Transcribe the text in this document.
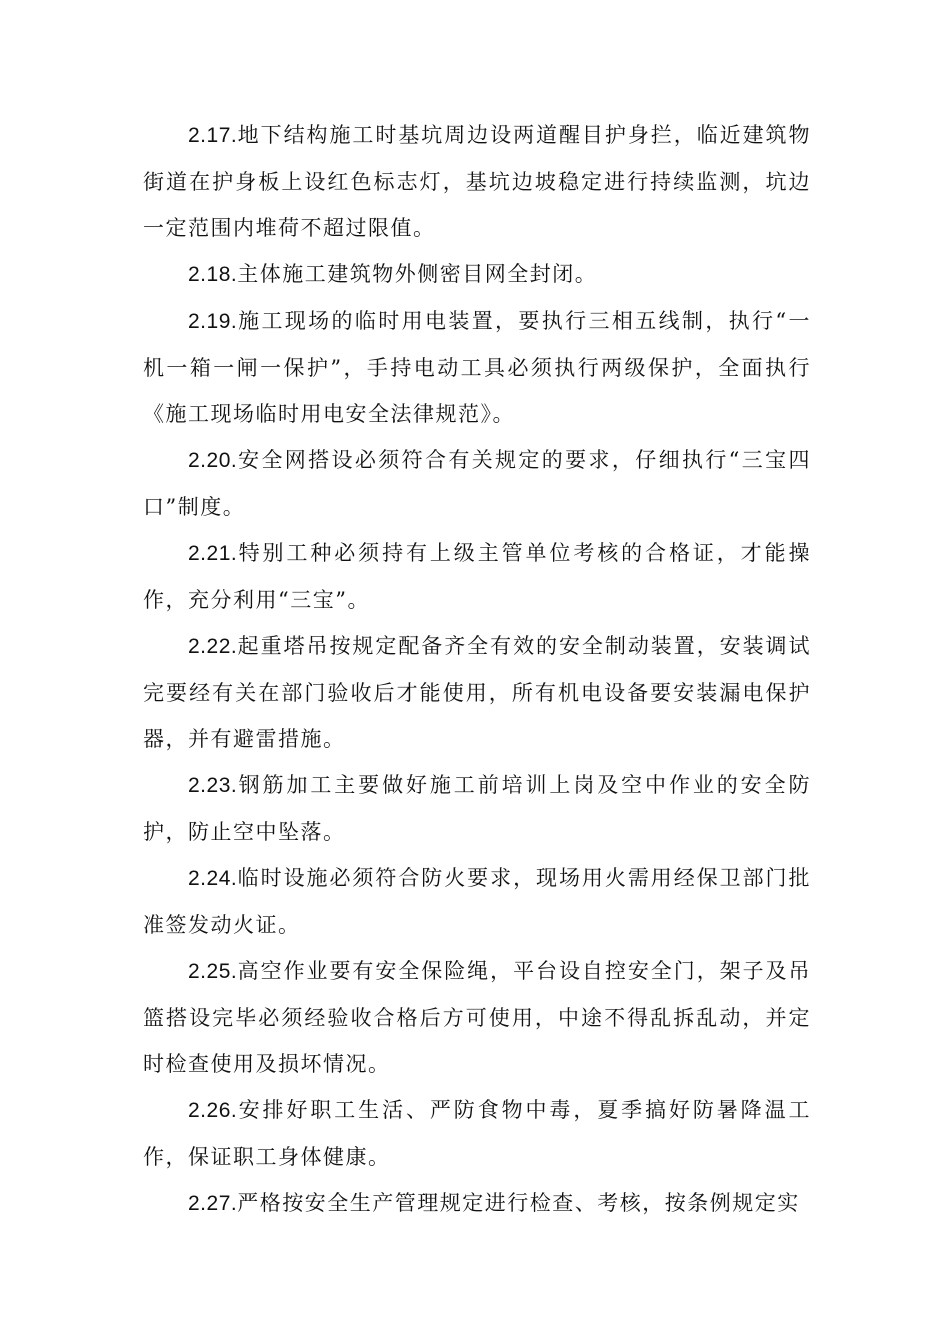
2.17.地下结构施工时基坑周边设两道醒目护身拦，临近建筑物街道在护身板上设红色标志灯，基坑边坡稳定进行持续监测，坑边一定范围内堆荷不超过限值。

2.18.主体施工建筑物外侧密目网全封闭。

2.19.施工现场的临时用电装置，要执行三相五线制，执行“一机一箱一闸一保护”，手持电动工具必须执行两级保护，全面执行《施工现场临时用电安全法律规范》。

2.20.安全网搭设必须符合有关规定的要求，仔细执行“三宝四口”制度。

2.21.特别工种必须持有上级主管单位考核的合格证，才能操作，充分利用“三宝”。

2.22.起重塔吊按规定配备齐全有效的安全制动装置，安装调试完要经有关在部门验收后才能使用，所有机电设备要安装漏电保护器，并有避雷措施。

2.23.钢筋加工主要做好施工前培训上岗及空中作业的安全防护，防止空中坠落。

2.24.临时设施必须符合防火要求，现场用火需用经保卫部门批准签发动火证。

2.25.高空作业要有安全保险绳，平台设自控安全门，架子及吊篮搭设完毕必须经验收合格后方可使用，中途不得乱拆乱动，并定时检查使用及损坏情况。

2.26.安排好职工生活、严防食物中毒，夏季搞好防暑降温工作，保证职工身体健康。

2.27.严格按安全生产管理规定进行检查、考核，按条例规定实
